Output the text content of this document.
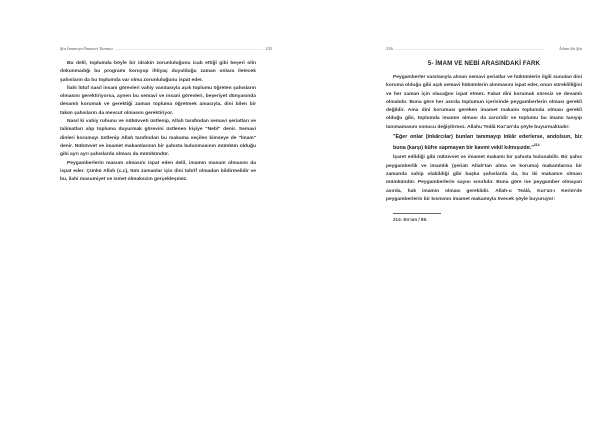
Şia İmamiye/İmamet Tanıma ................................................................................................ 235

Bu delil, toplumda böyle bir idrakin zorunluluğunu icab ettiği gibi beşeri olin dokunmadığı bu programı koruyup ihtiyaç duyulduğu zaman onlara iletecek şahısların da bu toplumda var olma zorunluluğunu ispat eder.

İlahi lütuf nasıl insani görevleri vahiy vasıtasıyla açık toplumu öğreten şahısların olmasını gerektiriyorsa, aynen bu semavi ve insani görevleri, beşeriyet dünyasında devamlı korumak ve gerektiği zaman topluma öğretmek amacıyla, dini bilen bir takım şahısların da mevcut olmasını gerektiriyor.

Nasıl ki vahiy ruhunu ve nübüvveti üstlenip, Allah tarafından semavi şeriatları ve talimatları alıp topluma duyurmak görevini üstlenen kişiye "Nebî" denir. Semavi dinleri korumayı üstlenip Allah tarafından bu makama seçilen kimseye de "İmam" denir. Nübüvvet ve imamet makamlarının bir şahısta bulunmasının mümkün olduğu gibi ayrı ayrı şahıslarda olması da mümkündür.

Peygamberlerin masum olmasını ispat eden delil, imamın masum olmasını da ispat eder. Çünkü Allah (c.c), tüm zamanlar için dini tahrif olmadan bildirmelidir ve bu, ilahi masumiyet ve ismet olmaksızın gerçekleşmez.

236 ................................................................................................	İslam'da Şia
5- İMAM VE NEBİ ARASINDAKİ FARK

Peygamberler vasıtasıyla alınan semavi şeriatlar ve hükümlerin ilgili sunulan dini koruma olduğu gibi açık semavi hükümlerin alınmasını ispat eder, onun süreklilliğini ve her zaman için olacağını ispat etmez. Fakat dini korumak süresiz ve devamlı olmalıdır. Buna göre her asırda toplumun içerisinde peygamberlerin olması gerekli değildir. Ama dini koruması gereken imamet makamı toplumda olması gerekli olduğu gibi, toplumda imamın olması da zaruridir ve toplumu bu imamı tanıyıp tanımamasını sonucu değiştirmez. Allahu Teâlâ Kur'an'da şöyle buyurmaktadır:

"Eğer onlar (inkârcılar) bunları tanımayıp inkâr ederlerse, andolsun, biz buna (karşı) küfre sapmayan bir kavmi vekil kılmışızdır."$^{214}$

İşaret edildiği gibi nübüvvet ve imamet makamı bir şahısta bulunabilir. Bir şahıs peygamberlik ve imamlık (şeriatı Allah'tan alma ve koruma) makamlarına bir zamanda sahip olabildiği gibi başka şahıslarda da, bu iki makamın olması mümkündür. Peygamberlerin sayısı sınırlıdır. Buna göre ise peygamber olmayan asırda, hak imamın olması gereklidir. Allah-u Teâlâ, Kur'an-ı Kerim'de peygamberlerin bir kısmının imamet makamıyla övecek şöyle buyuruyor:

214- En'am / 89.
